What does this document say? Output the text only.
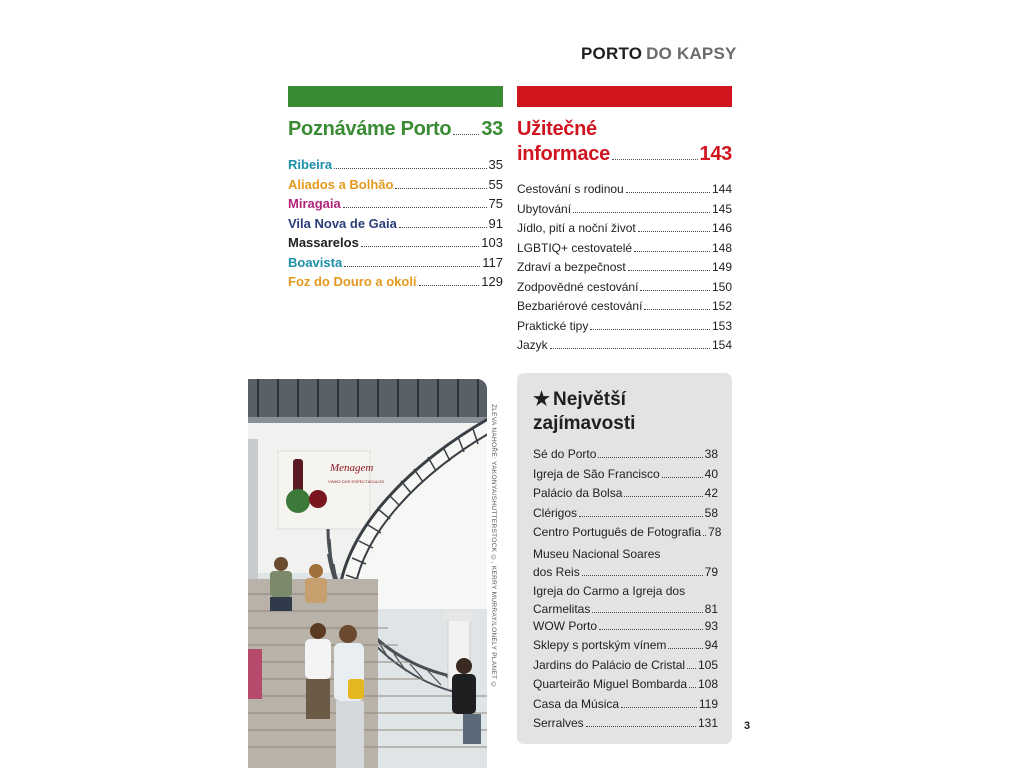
PORTO DO KAPSY
Poznáváme Porto 33
Ribeira	35
Aliados a Bolhão	55
Miragaia	75
Vila Nova de Gaia	91
Massarelos	103
Boavista	117
Foz do Douro a okolí	129
Užitečné
informace	143
Cestování s rodinou	144
Ubytování	145
Jídlo, pití a noční život	146
LGBTIQ+ cestovatelé	148
Zdraví a bezpečnost	149
Zodpovědné cestování	150
Bezbariérové cestování	152
Praktické tipy	153
Jazyk	154
Menagem
VINHO DOS ESPECTÁCULOS	ZLEVA NAHOŘE: YAKONYA/SHUTTERSTOCK ©, KERRY MURRAY/LONELY PLANET ©
★ Největší
zajímavosti
Sé do Porto	38
Igreja de São Francisco	40
Palácio da Bolsa	42
Clérigos	58
Centro Português de Fotografia 78
Museu Nacional Soares
dos Reis	79
Igreja do Carmo a Igreja dos
Carmelitas	81
WOW Porto	93
Sklepy s portským vínem	94
Jardins do Palácio de Cristal 105
Quarteirão Miguel Bombarda 108
Casa da Música	119
Serralves	131 3
